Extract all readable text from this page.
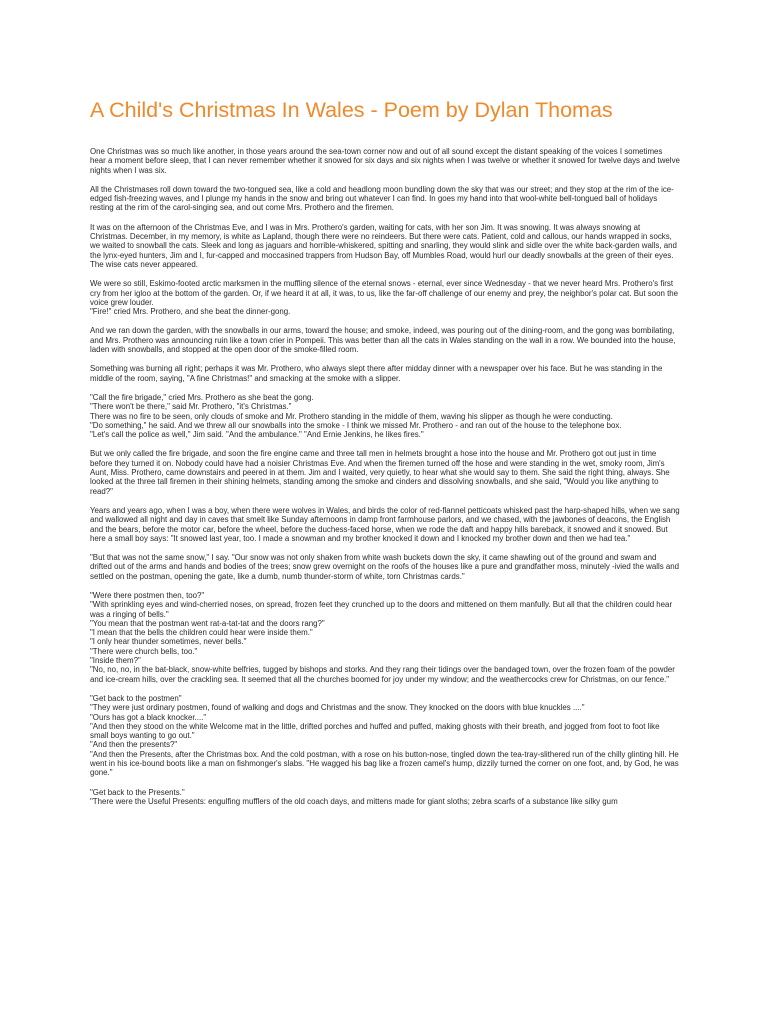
A Child's Christmas In Wales - Poem by Dylan Thomas
One Christmas was so much like another, in those years around the sea-town corner now and out of all sound except the distant speaking of the voices I sometimes hear a moment before sleep, that I can never remember whether it snowed for six days and six nights when I was twelve or whether it snowed for twelve days and twelve nights when I was six.
All the Christmases roll down toward the two-tongued sea, like a cold and headlong moon bundling down the sky that was our street; and they stop at the rim of the ice-edged fish-freezing waves, and I plunge my hands in the snow and bring out whatever I can find. In goes my hand into that wool-white bell-tongued ball of holidays resting at the rim of the carol-singing sea, and out come Mrs. Prothero and the firemen.
It was on the afternoon of the Christmas Eve, and I was in Mrs. Prothero's garden, waiting for cats, with her son Jim. It was snowing. It was always snowing at Christmas. December, in my memory, is white as Lapland, though there were no reindeers. But there were cats. Patient, cold and callous, our hands wrapped in socks, we waited to snowball the cats. Sleek and long as jaguars and horrible-whiskered, spitting and snarling, they would slink and sidle over the white back-garden walls, and the lynx-eyed hunters, Jim and I, fur-capped and moccasined trappers from Hudson Bay, off Mumbles Road, would hurl our deadly snowballs at the green of their eyes. The wise cats never appeared.
We were so still, Eskimo-footed arctic marksmen in the muffling silence of the eternal snows - eternal, ever since Wednesday - that we never heard Mrs. Prothero's first cry from her igloo at the bottom of the garden. Or, if we heard it at all, it was, to us, like the far-off challenge of our enemy and prey, the neighbor's polar cat. But soon the voice grew louder.
"Fire!" cried Mrs. Prothero, and she beat the dinner-gong.
And we ran down the garden, with the snowballs in our arms, toward the house; and smoke, indeed, was pouring out of the dining-room, and the gong was bombilating, and Mrs. Prothero was announcing ruin like a town crier in Pompeii. This was better than all the cats in Wales standing on the wall in a row. We bounded into the house, laden with snowballs, and stopped at the open door of the smoke-filled room.
Something was burning all right; perhaps it was Mr. Prothero, who always slept there after midday dinner with a newspaper over his face. But he was standing in the middle of the room, saying, "A fine Christmas!" and smacking at the smoke with a slipper.
"Call the fire brigade," cried Mrs. Prothero as she beat the gong.
"There won't be there," said Mr. Prothero, "it's Christmas."
There was no fire to be seen, only clouds of smoke and Mr. Prothero standing in the middle of them, waving his slipper as though he were conducting.
"Do something," he said. And we threw all our snowballs into the smoke - I think we missed Mr. Prothero - and ran out of the house to the telephone box.
"Let's call the police as well," Jim said. "And the ambulance." "And Ernie Jenkins, he likes fires."
But we only called the fire brigade, and soon the fire engine came and three tall men in helmets brought a hose into the house and Mr. Prothero got out just in time before they turned it on. Nobody could have had a noisier Christmas Eve. And when the firemen turned off the hose and were standing in the wet, smoky room, Jim's Aunt, Miss. Prothero, came downstairs and peered in at them. Jim and I waited, very quietly, to hear what she would say to them. She said the right thing, always. She looked at the three tall firemen in their shining helmets, standing among the smoke and cinders and dissolving snowballs, and she said, "Would you like anything to read?"
Years and years ago, when I was a boy, when there were wolves in Wales, and birds the color of red-flannel petticoats whisked past the harp-shaped hills, when we sang and wallowed all night and day in caves that smelt like Sunday afternoons in damp front farmhouse parlors, and we chased, with the jawbones of deacons, the English and the bears, before the motor car, before the wheel, before the duchess-faced horse, when we rode the daft and happy hills bareback, it snowed and it snowed. But here a small boy says: "It snowed last year, too. I made a snowman and my brother knocked it down and I knocked my brother down and then we had tea."
"But that was not the same snow," I say. "Our snow was not only shaken from white wash buckets down the sky, it came shawling out of the ground and swam and drifted out of the arms and hands and bodies of the trees; snow grew overnight on the roofs of the houses like a pure and grandfather moss, minutely -ivied the walls and settled on the postman, opening the gate, like a dumb, numb thunder-storm of white, torn Christmas cards."
"Were there postmen then, too?"
"With sprinkling eyes and wind-cherried noses, on spread, frozen feet they crunched up to the doors and mittened on them manfully. But all that the children could hear was a ringing of bells."
"You mean that the postman went rat-a-tat-tat and the doors rang?"
"I mean that the bells the children could hear were inside them."
"I only hear thunder sometimes, never bells."
"There were church bells, too."
"Inside them?"
"No, no, no, in the bat-black, snow-white belfries, tugged by bishops and storks. And they rang their tidings over the bandaged town, over the frozen foam of the powder and ice-cream hills, over the crackling sea. It seemed that all the churches boomed for joy under my window; and the weathercocks crew for Christmas, on our fence."
"Get back to the postmen"
"They were just ordinary postmen, found of walking and dogs and Christmas and the snow. They knocked on the doors with blue knuckles ...."
"Ours has got a black knocker...."
"And then they stood on the white Welcome mat in the little, drifted porches and huffed and puffed, making ghosts with their breath, and jogged from foot to foot like small boys wanting to go out."
"And then the presents?"
"And then the Presents, after the Christmas box. And the cold postman, with a rose on his button-nose, tingled down the tea-tray-slithered run of the chilly glinting hill. He went in his ice-bound boots like a man on fishmonger's slabs. "He wagged his bag like a frozen camel's hump, dizzily turned the corner on one foot, and, by God, he was gone."
"Get back to the Presents."
"There were the Useful Presents: engulfing mufflers of the old coach days, and mittens made for giant sloths; zebra scarfs of a substance like silky gum
